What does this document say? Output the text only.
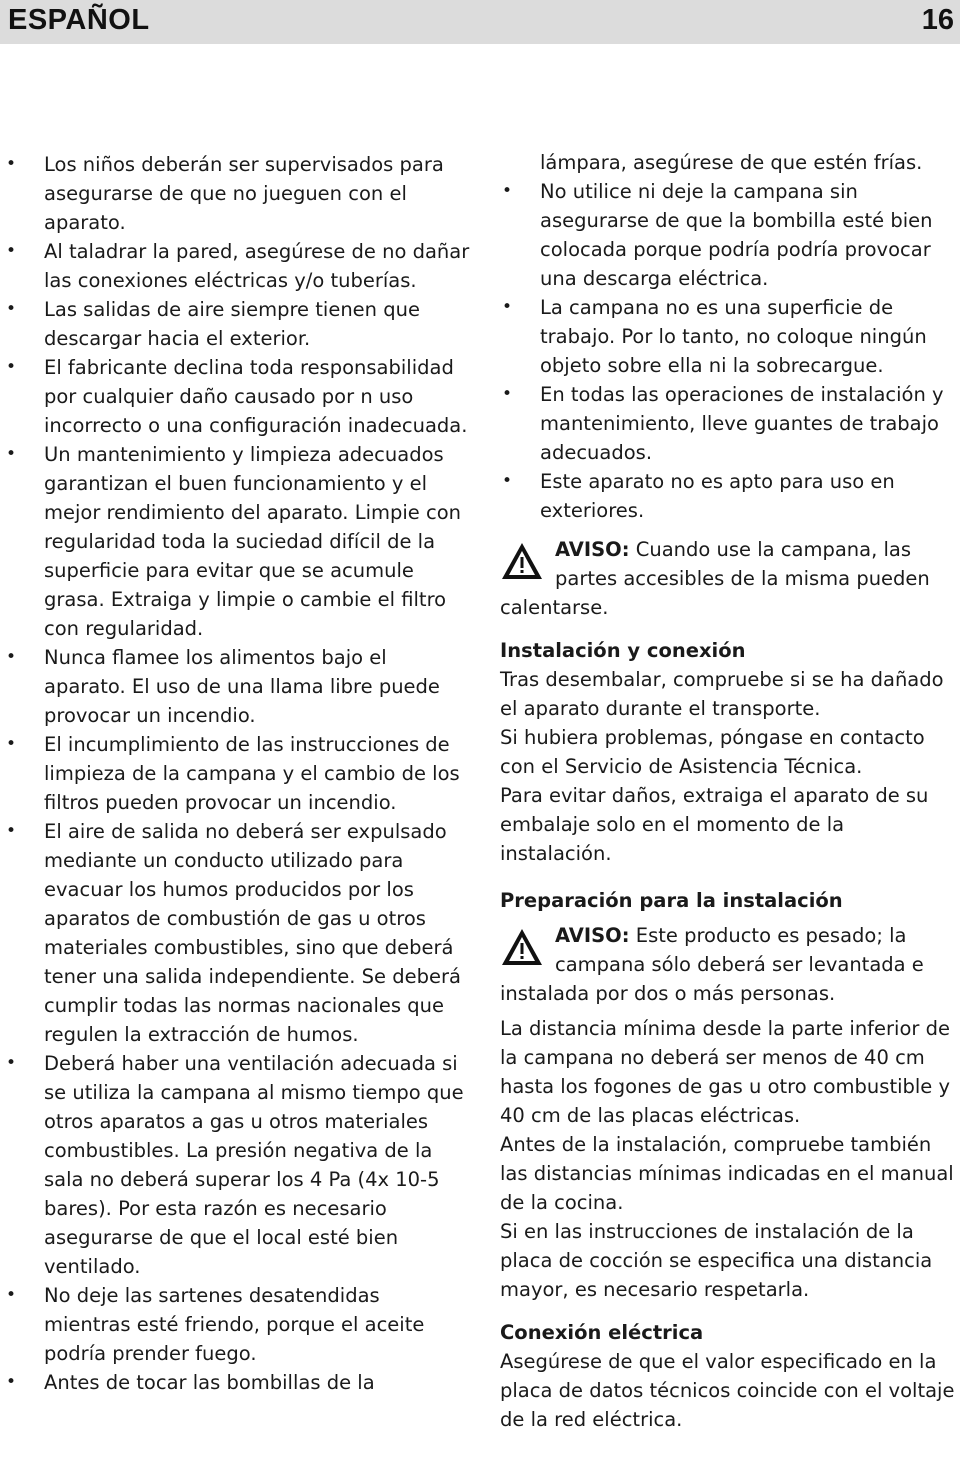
ESPAÑOL	16
• Los niños deberán ser supervisados para asegurarse de que no jueguen con el aparato.
• Al taladrar la pared, asegúrese de no dañar las conexiones eléctricas y/o tuberías.
• Las salidas de aire siempre tienen que descargar hacia el exterior.
• El fabricante declina toda responsabilidad por cualquier daño causado por n uso incorrecto o una configuración inadecuada.
• Un mantenimiento y limpieza adecuados garantizan el buen funcionamiento y el mejor rendimiento del aparato. Limpie con regularidad toda la suciedad difícil de la superficie para evitar que se acumule grasa. Extraiga y limpie o cambie el filtro con regularidad.
• Nunca flamee los alimentos bajo el aparato. El uso de una llama libre puede provocar un incendio.
• El incumplimiento de las instrucciones de limpieza de la campana y el cambio de los filtros pueden provocar un incendio.
• El aire de salida no deberá ser expulsado mediante un conducto utilizado para evacuar los humos producidos por los aparatos de combustión de gas u otros materiales combustibles, sino que deberá tener una salida independiente. Se deberá cumplir todas las normas nacionales que regulen la extracción de humos.
• Deberá haber una ventilación adecuada si se utiliza la campana al mismo tiempo que otros aparatos a gas u otros materiales combustibles. La presión negativa de la sala no deberá superar los 4 Pa (4x 10-5 bares). Por esta razón es necesario asegurarse de que el local esté bien ventilado.
• No deje las sartenes desatendidas mientras esté friendo, porque el aceite podría prender fuego.
• Antes de tocar las bombillas de la

lámpara, asegúrese de que estén frías.

• No utilice ni deje la campana sin asegurarse de que la bombilla esté bien colocada porque podría podría provocar una descarga eléctrica.
• La campana no es una superficie de trabajo. Por lo tanto, no coloque ningún objeto sobre ella ni la sobrecargue.
• En todas las operaciones de instalación y mantenimiento, lleve guantes de trabajo adecuados.
• Este aparato no es apto para uso en exteriores.
AVISO: Cuando use la campana, las
partes accesibles de la misma pueden
calentarse.
Instalación y conexión

Tras desembalar, compruebe si se ha dañado el aparato durante el transporte.

Si hubiera problemas, póngase en contacto con el Servicio de Asistencia Técnica.

Para evitar daños, extraiga el aparato de su embalaje solo en el momento de la instalación.

Preparación para la instalación
AVISO: Este producto es pesado; la
campana sólo deberá ser levantada e
instalada por dos o más personas.

La distancia mínima desde la parte inferior de la campana no deberá ser menos de 40 cm hasta los fogones de gas u otro combustible y 40 cm de las placas eléctricas.

Antes de la instalación, compruebe también las distancias mínimas indicadas en el manual de la cocina.

Si en las instrucciones de instalación de la placa de cocción se especifica una distancia mayor, es necesario respetarla.

Conexión eléctrica

Asegúrese de que el valor especificado en la placa de datos técnicos coincide con el voltaje de la red eléctrica.
